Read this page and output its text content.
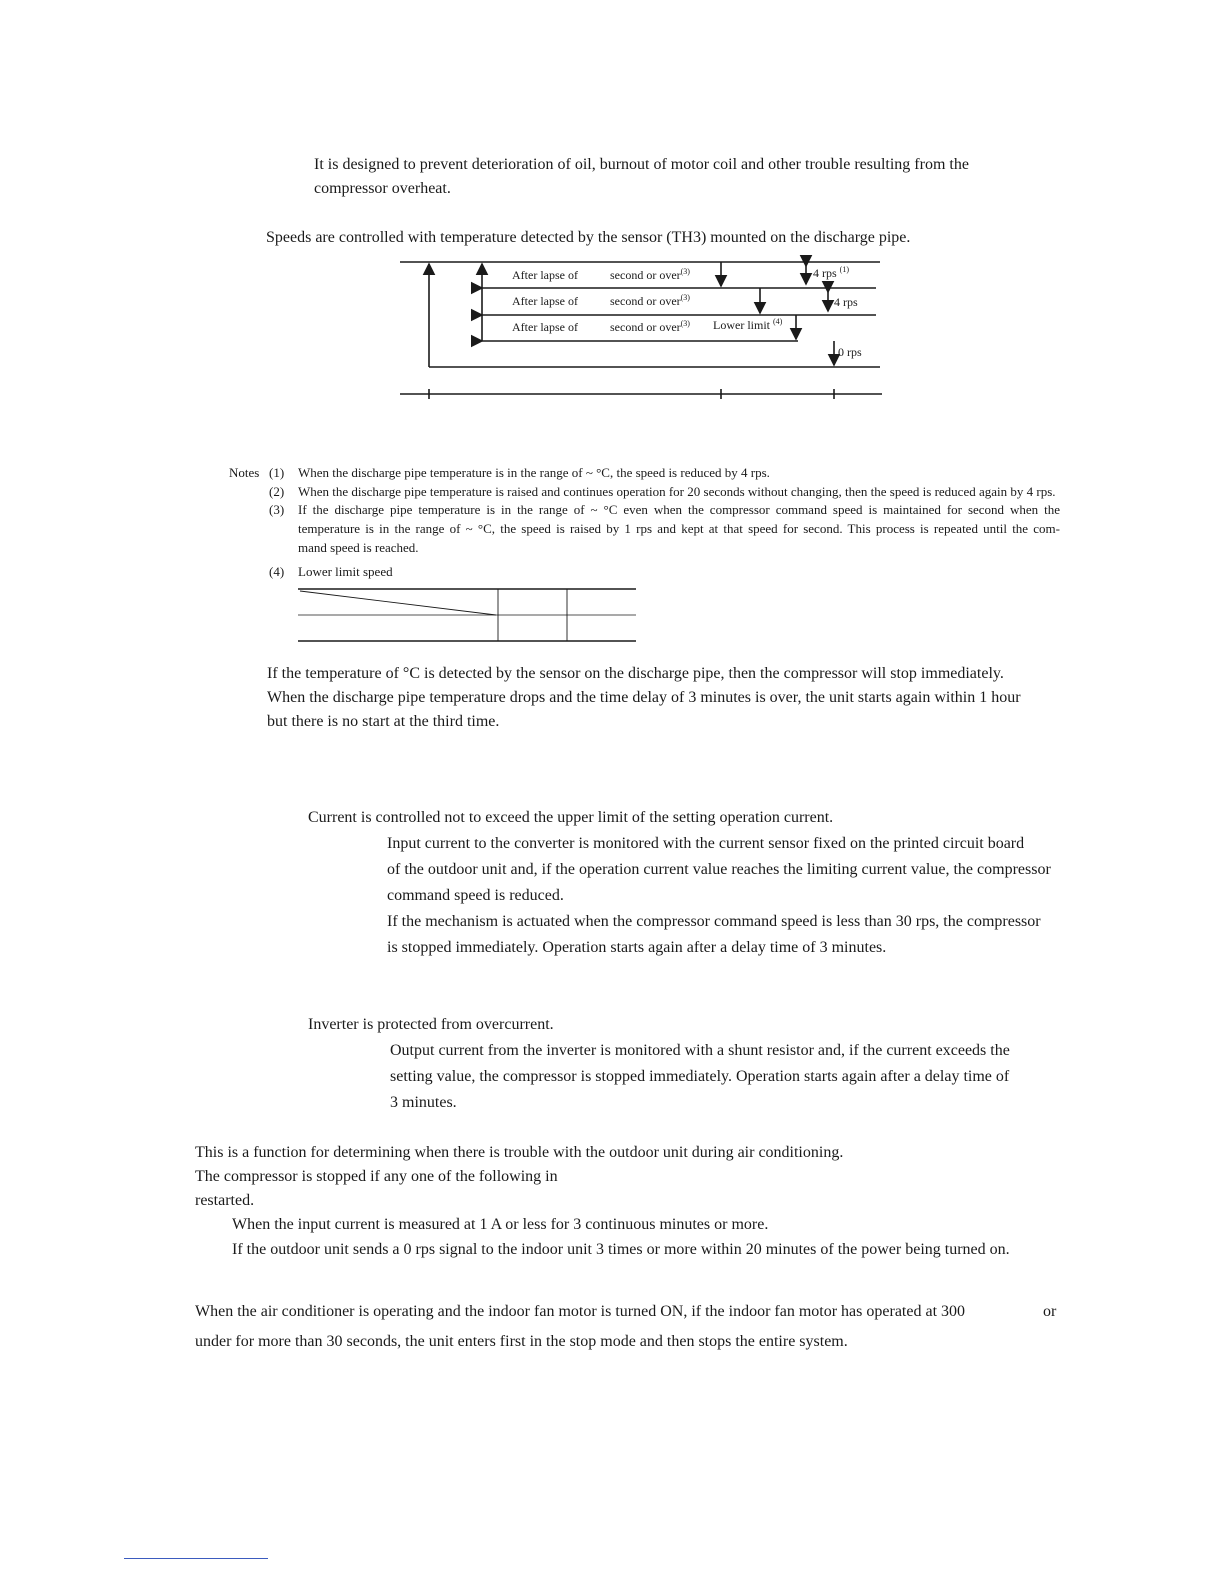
It is designed to prevent deterioration of oil, burnout of motor coil and other trouble resulting from the
compressor overheat.
Speeds are controlled with temperature detected by the sensor (TH3) mounted on the discharge pipe.
After lapse of	second or over$^{(3)}$	4 rps $^{(1)}$
After lapse of	second or over$^{(3)}$	4 rps
After lapse of	second or over$^{(3)}$ Lower limit $^{(4)}$
0 rps
Notes (1) When the discharge pipe temperature is in the range of ~ °C, the speed is reduced by 4 rps.
(2) When the discharge pipe temperature is raised and continues operation for 20 seconds without changing, then the speed is reduced again by 4 rps.
(3) If the discharge pipe temperature is in the range of ~ °C even when the compressor command speed is maintained for second when the
temperature is in the range of ~ °C, the speed is raised by 1 rps and kept at that speed for second. This process is repeated until the com-
mand speed is reached.
(4) Lower limit speed
If the temperature of °C is detected by the sensor on the discharge pipe, then the compressor will stop immediately.
When the discharge pipe temperature drops and the time delay of 3 minutes is over, the unit starts again within 1 hour
but there is no start at the third time.
Current is controlled not to exceed the upper limit of the setting operation current.
Input current to the converter is monitored with the current sensor fixed on the printed circuit board
of the outdoor unit and, if the operation current value reaches the limiting current value, the compressor
command speed is reduced.
If the mechanism is actuated when the compressor command speed is less than 30 rps, the compressor
is stopped immediately. Operation starts again after a delay time of 3 minutes.
Inverter is protected from overcurrent.
Output current from the inverter is monitored with a shunt resistor and, if the current exceeds the
setting value, the compressor is stopped immediately. Operation starts again after a delay time of
3 minutes.
This is a function for determining when there is trouble with the outdoor unit during air conditioning.
The compressor is stopped if any one of the following in
restarted.
When the input current is measured at 1 A or less for 3 continuous minutes or more.
If the outdoor unit sends a 0 rps signal to the indoor unit 3 times or more within 20 minutes of the power being turned on.
When the air conditioner is operating and the indoor fan motor is turned ON, if the indoor fan motor has operated at 300	or
under for more than 30 seconds, the unit enters first in the stop mode and then stops the entire system.
